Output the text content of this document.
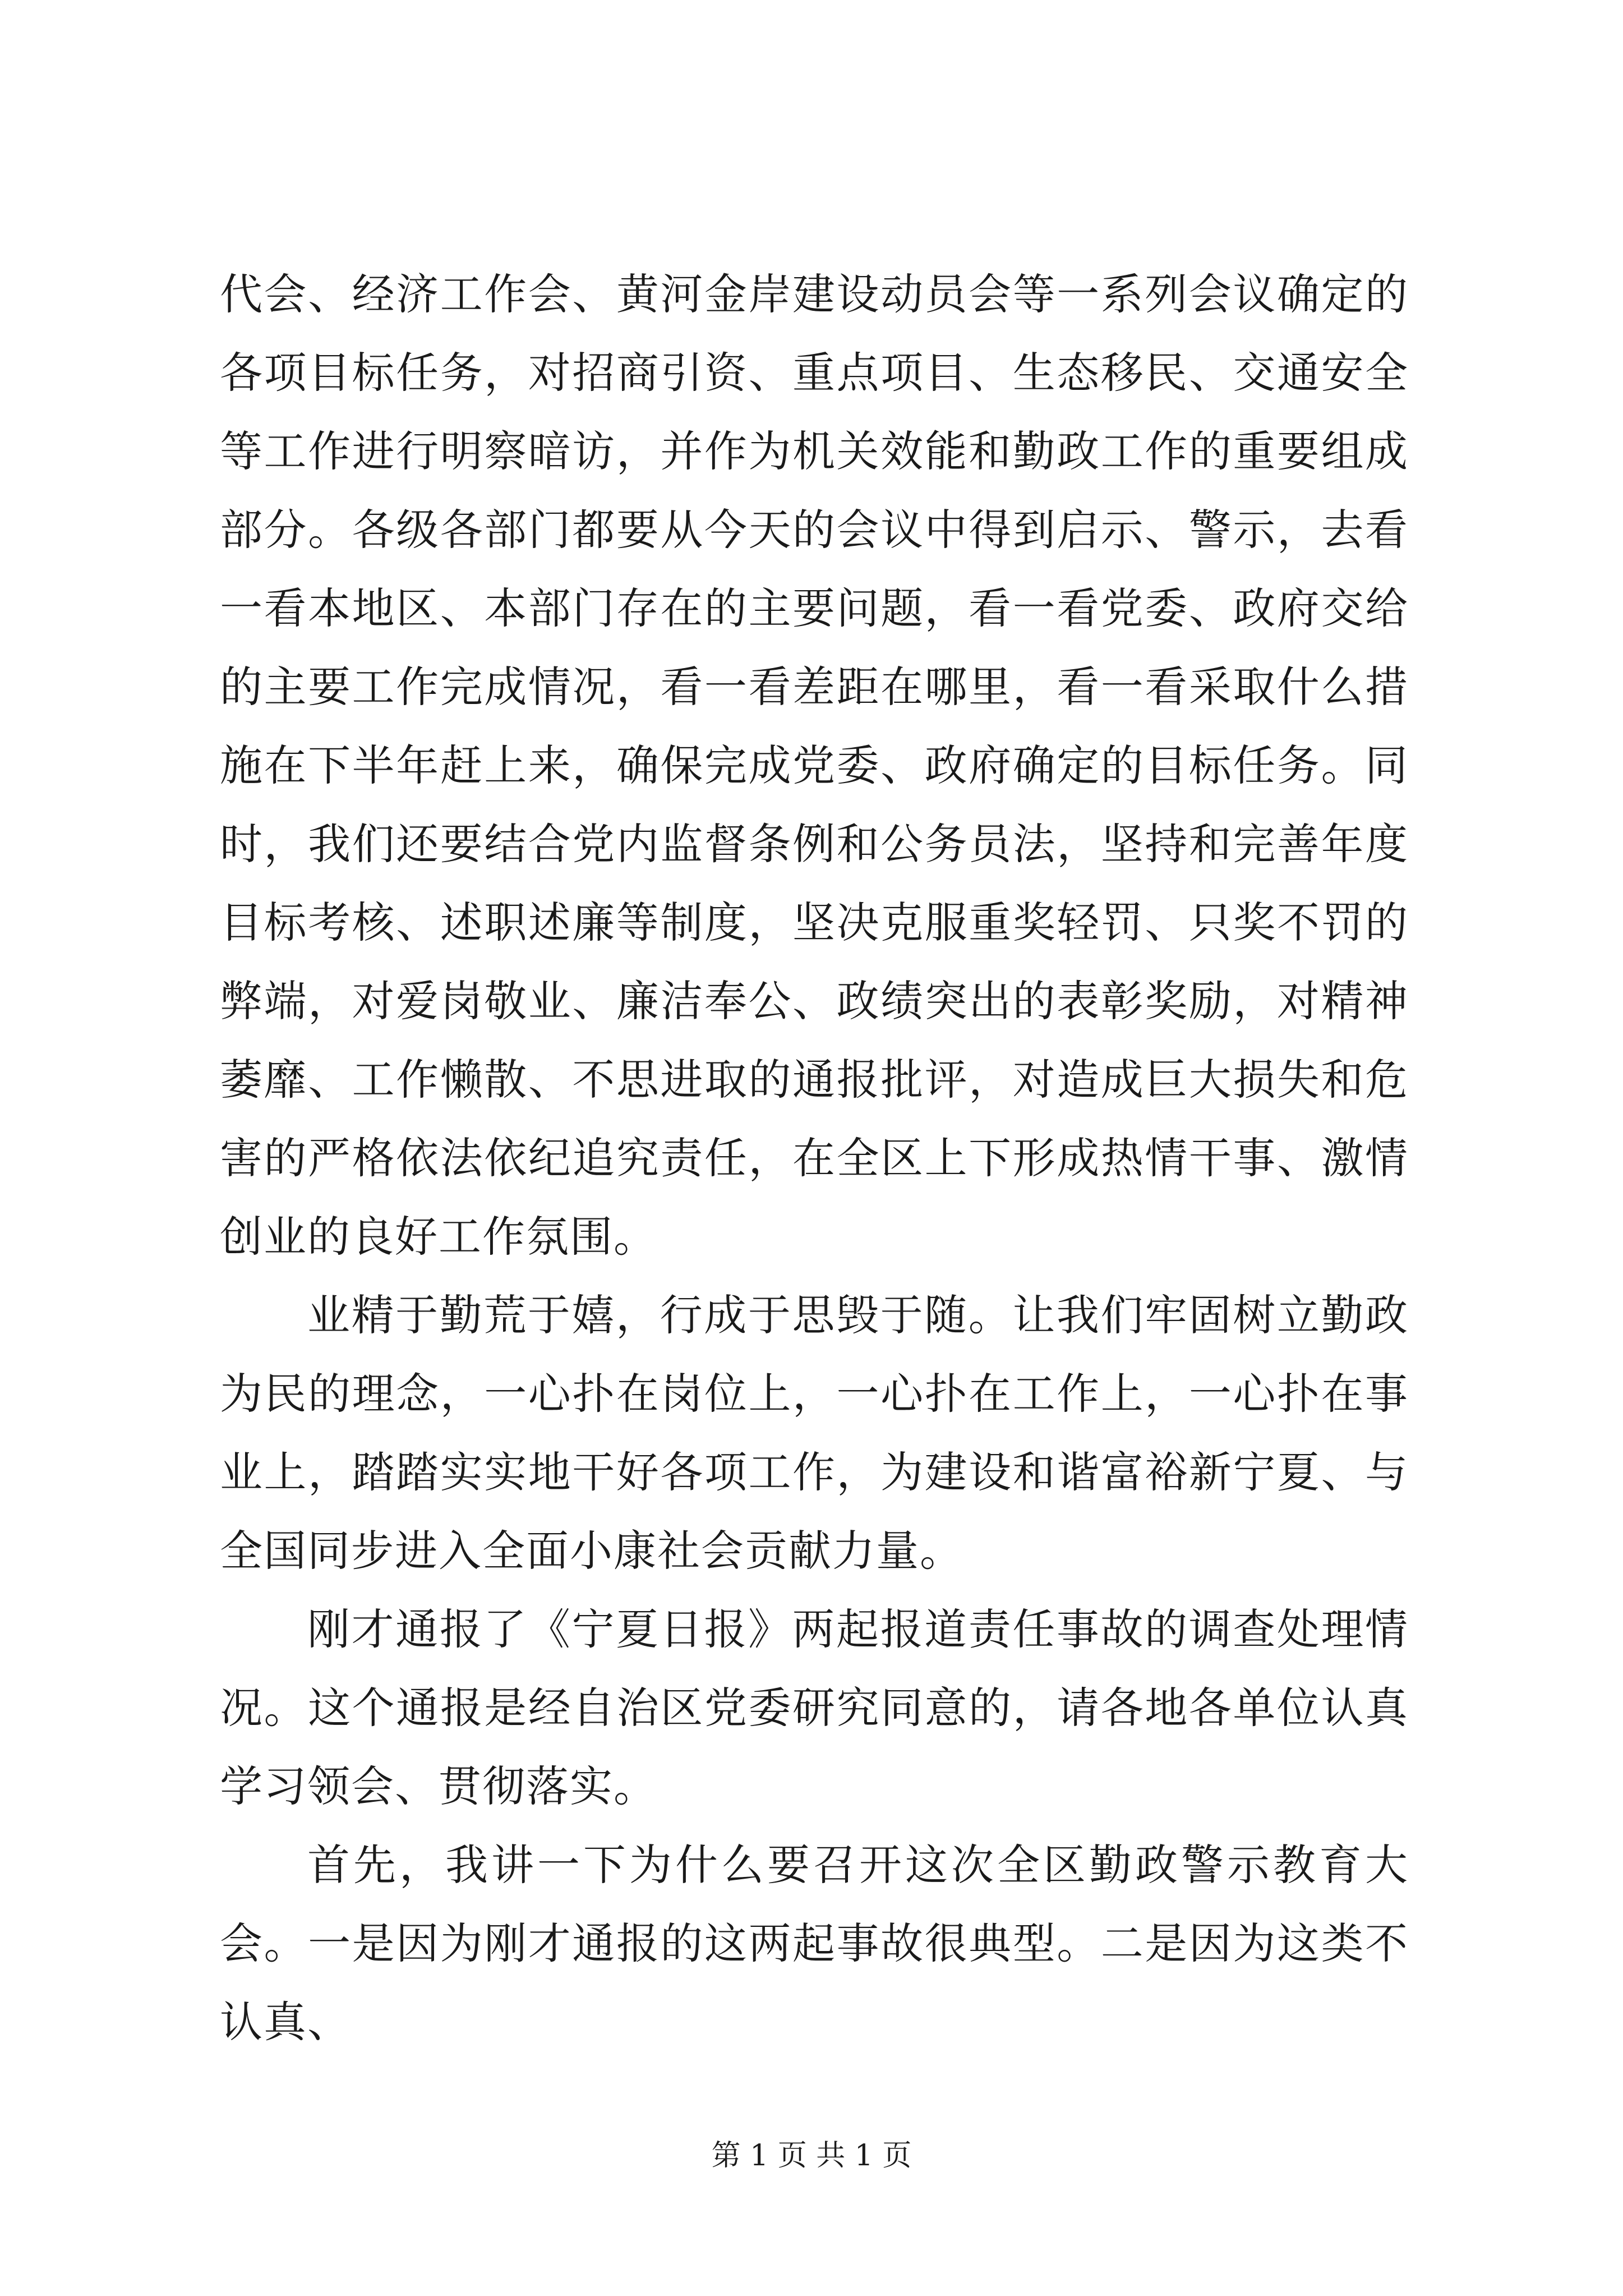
代会、经济工作会、黄河金岸建设动员会等一系列会议确定的各项目标任务，对招商引资、重点项目、生态移民、交通安全等工作进行明察暗访，并作为机关效能和勤政工作的重要组成部分。各级各部门都要从今天的会议中得到启示、警示，去看一看本地区、本部门存在的主要问题，看一看党委、政府交给的主要工作完成情况，看一看差距在哪里，看一看采取什么措施在下半年赶上来，确保完成党委、政府确定的目标任务。同时，我们还要结合党内监督条例和公务员法，坚持和完善年度目标考核、述职述廉等制度，坚决克服重奖轻罚、只奖不罚的弊端，对爱岗敬业、廉洁奉公、政绩突出的表彰奖励，对精神萎靡、工作懒散、不思进取的通报批评，对造成巨大损失和危害的严格依法依纪追究责任，在全区上下形成热情干事、激情创业的良好工作氛围。

业精于勤荒于嬉，行成于思毁于随。让我们牢固树立勤政为民的理念，一心扑在岗位上，一心扑在工作上，一心扑在事业上，踏踏实实地干好各项工作，为建设和谐富裕新宁夏、与全国同步进入全面小康社会贡献力量。

刚才通报了《宁夏日报》两起报道责任事故的调查处理情况。这个通报是经自治区党委研究同意的，请各地各单位认真学习领会、贯彻落实。

首先，我讲一下为什么要召开这次全区勤政警示教育大会。一是因为刚才通报的这两起事故很典型。二是因为这类不认真、

第 1 页 共 1 页
